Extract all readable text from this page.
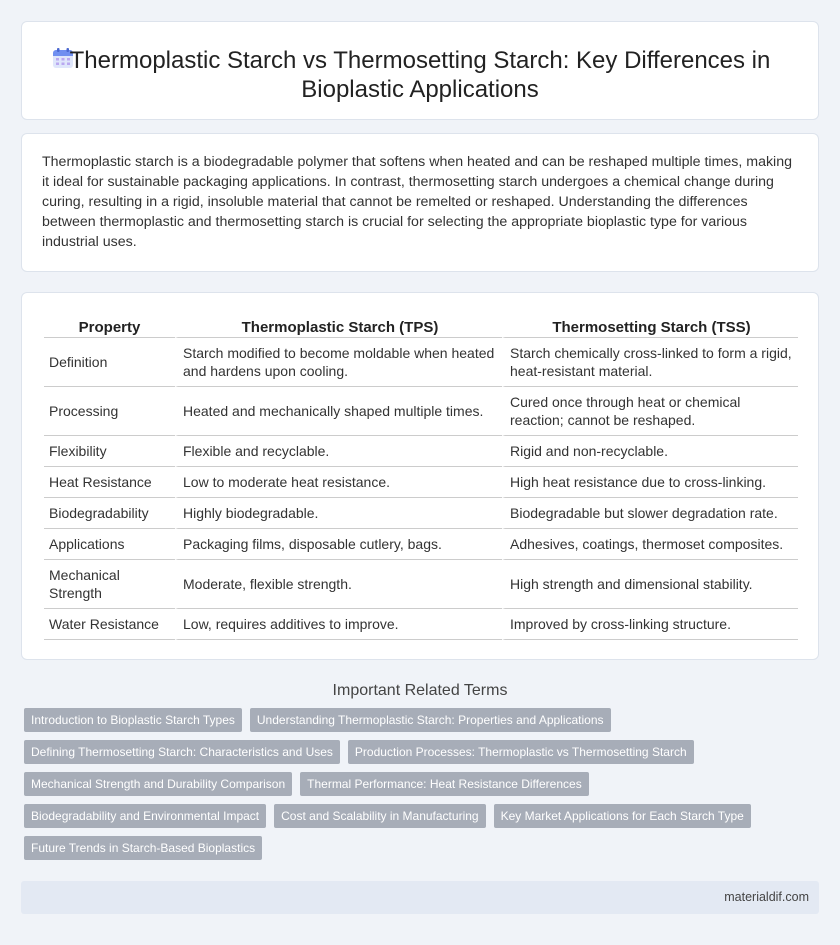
Thermoplastic Starch vs Thermosetting Starch: Key Differences in Bioplastic Applications

Thermoplastic starch is a biodegradable polymer that softens when heated and can be reshaped multiple times, making it ideal for sustainable packaging applications. In contrast, thermosetting starch undergoes a chemical change during curing, resulting in a rigid, insoluble material that cannot be remelted or reshaped. Understanding the differences between thermoplastic and thermosetting starch is crucial for selecting the appropriate bioplastic type for various industrial uses.

Property	Thermoplastic Starch (TPS)	Thermosetting Starch (TSS)
Definition	Starch modified to become moldable when heated and hardens upon cooling.	Starch chemically cross-linked to form a rigid, heat-resistant material.
Processing	Heated and mechanically shaped multiple times.	Cured once through heat or chemical reaction; cannot be reshaped.
Flexibility	Flexible and recyclable.	Rigid and non-recyclable.
Heat Resistance	Low to moderate heat resistance.	High heat resistance due to cross-linking.
Biodegradability	Highly biodegradable.	Biodegradable but slower degradation rate.
Applications	Packaging films, disposable cutlery, bags.	Adhesives, coatings, thermoset composites.
Mechanical Strength	Moderate, flexible strength.	High strength and dimensional stability.
Water Resistance	Low, requires additives to improve.	Improved by cross-linking structure.
Important Related Terms
Introduction to Bioplastic Starch Types	Understanding Thermoplastic Starch: Properties and Applications
Defining Thermosetting Starch: Characteristics and Uses	Production Processes: Thermoplastic vs Thermosetting Starch
Mechanical Strength and Durability Comparison	Thermal Performance: Heat Resistance Differences
Biodegradability and Environmental Impact	Cost and Scalability in Manufacturing	Key Market Applications for Each Starch Type
Future Trends in Starch-Based Bioplastics
materialdif.com
